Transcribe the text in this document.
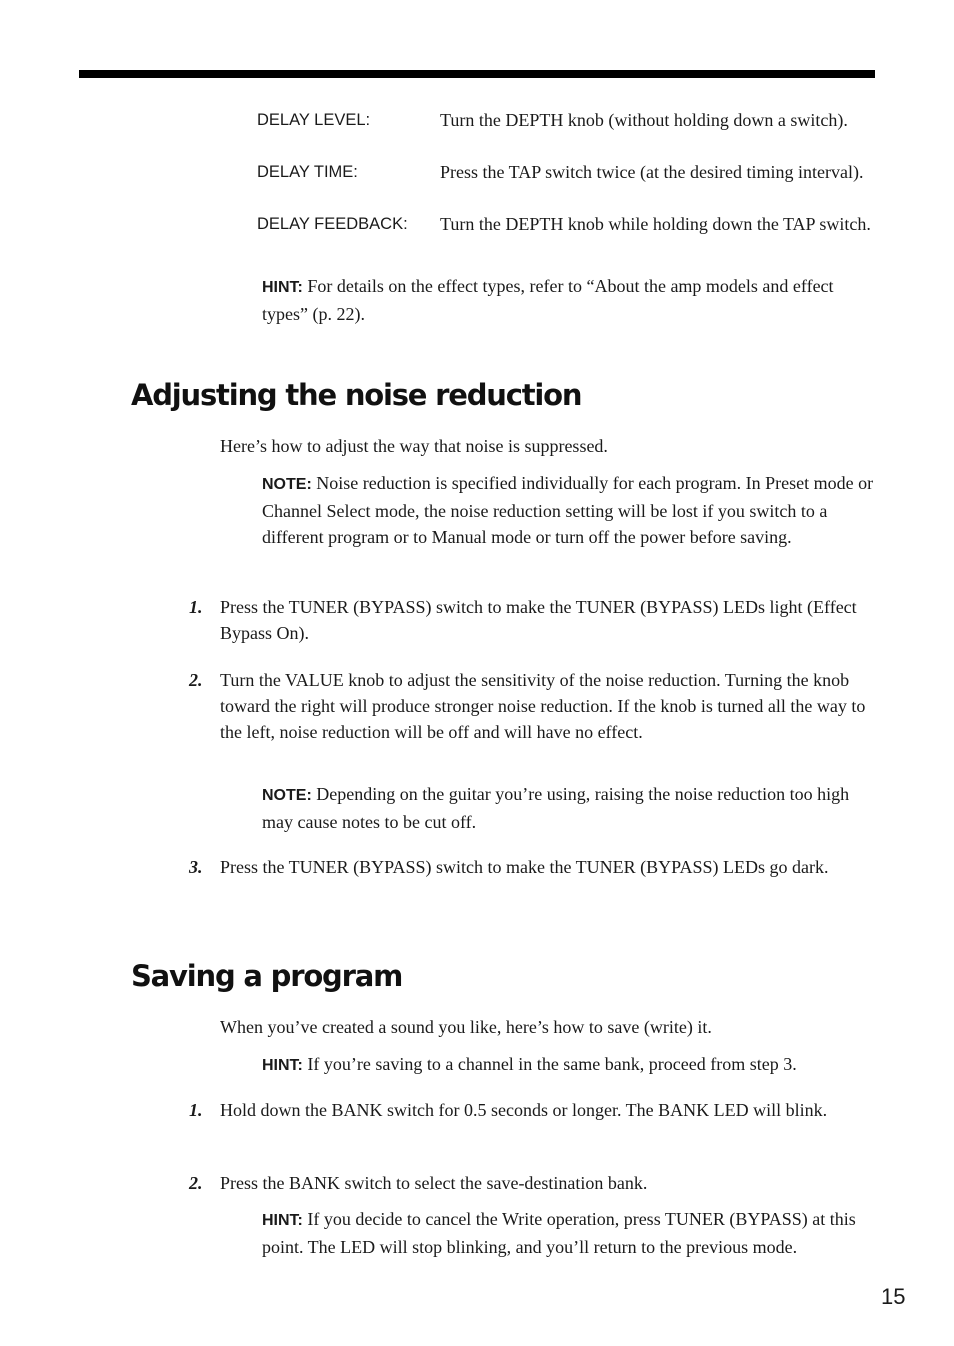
DELAY LEVEL:	Turn the DEPTH knob (without holding down a switch).
DELAY TIME:	Press the TAP switch twice (at the desired timing interval).
DELAY FEEDBACK: Turn the DEPTH knob while holding down the TAP switch.
HINT: For details on the effect types, refer to “About the amp models and effect types” (p. 22).
Adjusting the noise reduction
Here’s how to adjust the way that noise is suppressed.
NOTE: Noise reduction is specified individually for each program. In Preset mode or Channel Select mode, the noise reduction setting will be lost if you switch to a different program or to Manual mode or turn off the power before saving.
1. Press the TUNER (BYPASS) switch to make the TUNER (BYPASS) LEDs light (Effect Bypass On).
2. Turn the VALUE knob to adjust the sensitivity of the noise reduction. Turning the knob toward the right will produce stronger noise reduction. If the knob is turned all the way to the left, noise reduction will be off and will have no effect.
NOTE: Depending on the guitar you’re using, raising the noise reduction too high may cause notes to be cut off.
3. Press the TUNER (BYPASS) switch to make the TUNER (BYPASS) LEDs go dark.
Saving a program
When you’ve created a sound you like, here’s how to save (write) it.
HINT: If you’re saving to a channel in the same bank, proceed from step 3.
1. Hold down the BANK switch for 0.5 seconds or longer. The BANK LED will blink.
2. Press the BANK switch to select the save-destination bank.
HINT: If you decide to cancel the Write operation, press TUNER (BYPASS) at this point. The LED will stop blinking, and you’ll return to the previous mode.
15
